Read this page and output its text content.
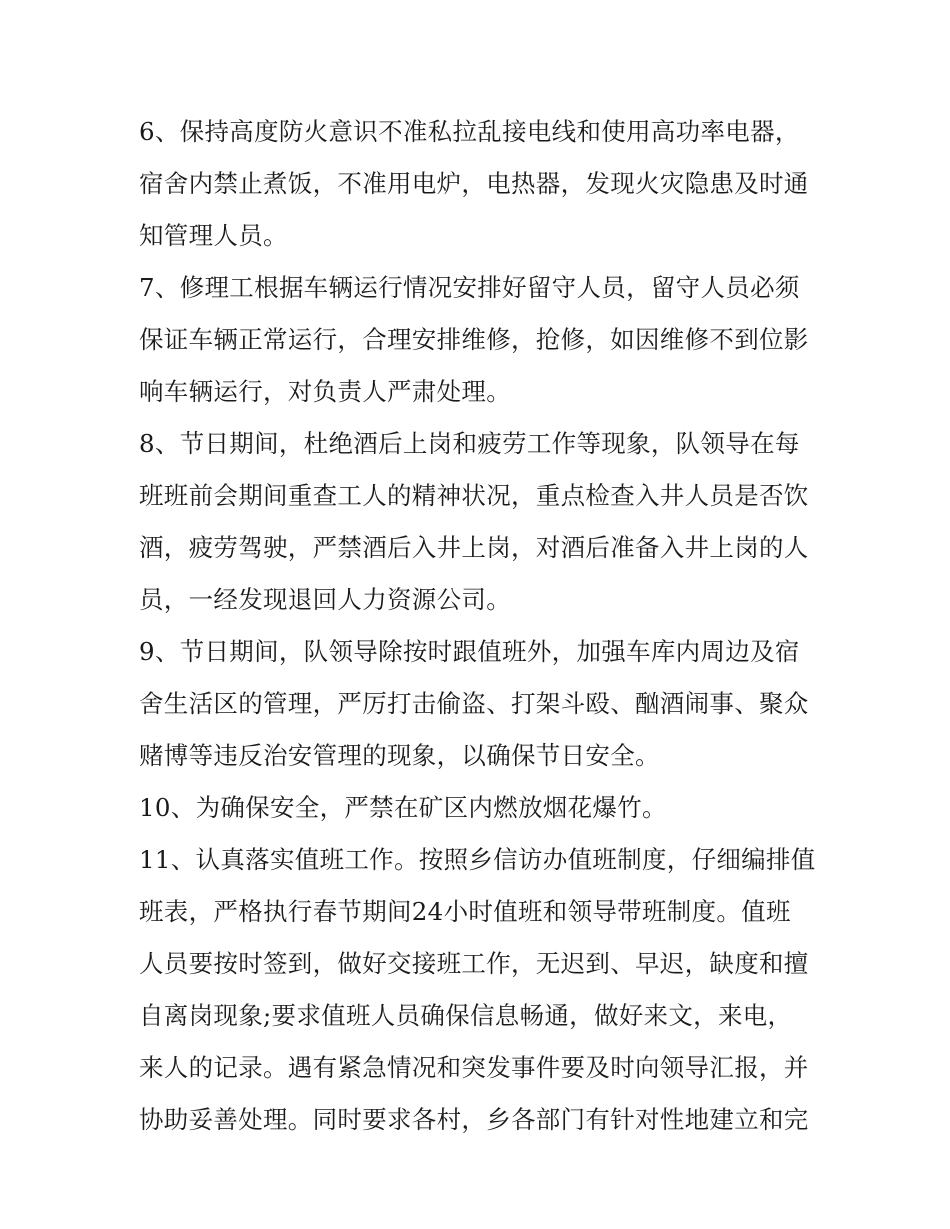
6、保持高度防火意识不准私拉乱接电线和使用高功率电器，
宿舍内禁止煮饭，不准用电炉，电热器，发现火灾隐患及时通
知管理人员。
7、修理工根据车辆运行情况安排好留守人员，留守人员必须
保证车辆正常运行，合理安排维修，抢修，如因维修不到位影
响车辆运行，对负责人严肃处理。
8、节日期间，杜绝酒后上岗和疲劳工作等现象，队领导在每
班班前会期间重查工人的精神状况，重点检查入井人员是否饮
酒，疲劳驾驶，严禁酒后入井上岗，对酒后准备入井上岗的人
员，一经发现退回人力资源公司。
9、节日期间，队领导除按时跟值班外，加强车库内周边及宿
舍生活区的管理，严厉打击偷盗、打架斗殴、酗酒闹事、聚众
赌博等违反治安管理的现象，以确保节日安全。
10、为确保安全，严禁在矿区内燃放烟花爆竹。
11、认真落实值班工作。按照乡信访办值班制度，仔细编排值
班表，严格执行春节期间24小时值班和领导带班制度。值班
人员要按时签到，做好交接班工作，无迟到、早迟，缺度和擅
自离岗现象;要求值班人员确保信息畅通，做好来文，来电，
来人的记录。遇有紧急情况和突发事件要及时向领导汇报，并
协助妥善处理。同时要求各村，乡各部门有针对性地建立和完
